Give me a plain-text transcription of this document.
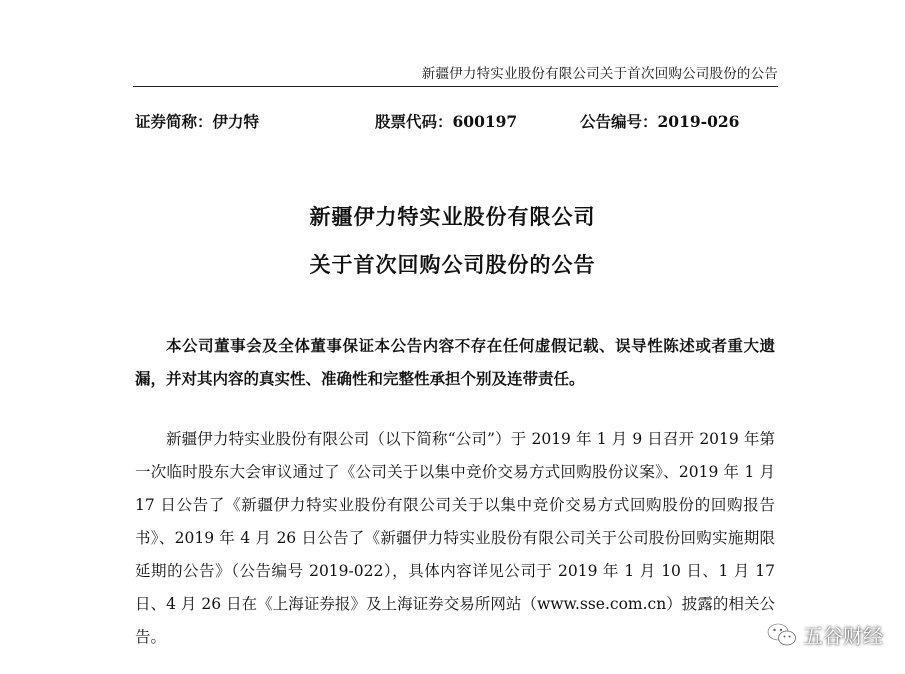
新疆伊力特实业股份有限公司关于首次回购公司股份的公告
证券简称：伊力特	股票代码：600197	公告编号：2019-026
新疆伊力特实业股份有限公司
关于首次回购公司股份的公告
本公司董事会及全体董事保证本公告内容不存在任何虚假记载、误导性陈述或者重大遗漏，并对其内容的真实性、准确性和完整性承担个别及连带责任。
新疆伊力特实业股份有限公司（以下简称“公司”）于 2019 年 1 月 9 日召开 2019 年第一次临时股东大会审议通过了《公司关于以集中竞价交易方式回购股份议案》、2019 年 1 月 17 日公告了《新疆伊力特实业股份有限公司关于以集中竞价交易方式回购股份的回购报告书》、2019 年 4 月 26 日公告了《新疆伊力特实业股份有限公司关于公司股份回购实施期限延期的公告》（公告编号 2019-022），具体内容详见公司于 2019 年 1 月 10 日、1 月 17 日、4 月 26 日在《上海证券报》及上海证券交易所网站（www.sse.com.cn）披露的相关公告。	五谷财经
